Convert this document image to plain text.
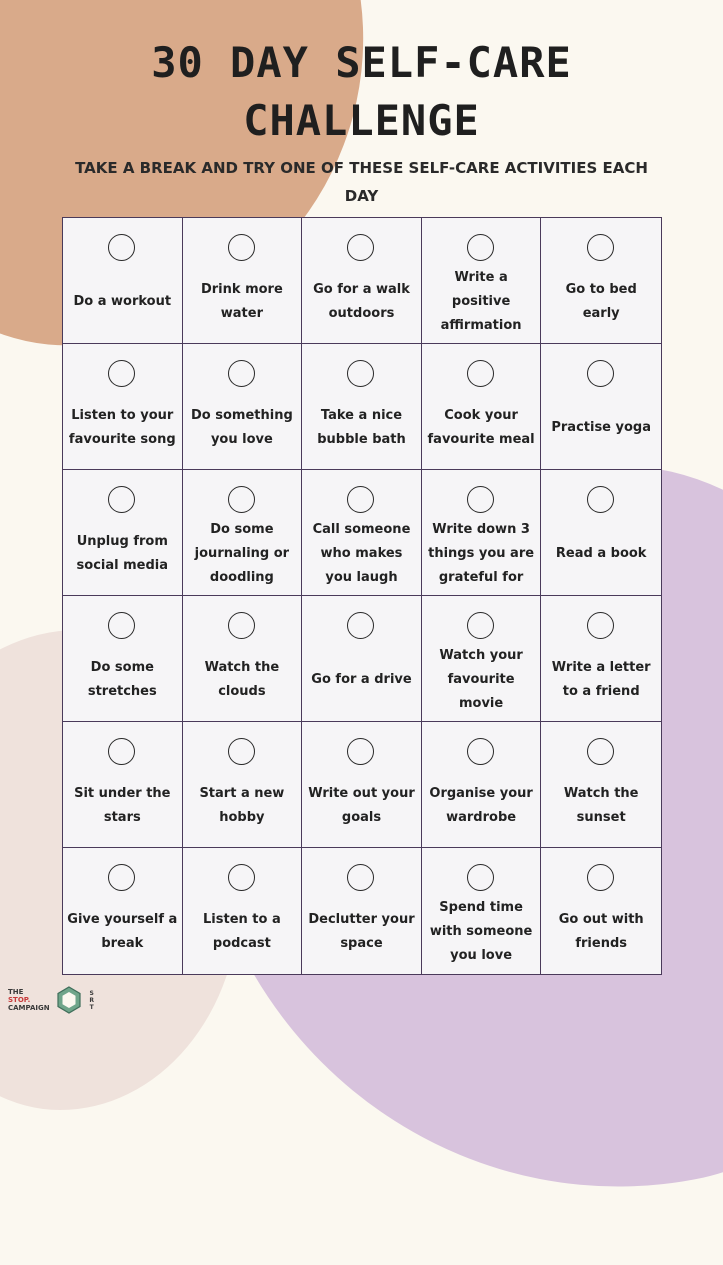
30 DAY SELF-CARE
CHALLENGE
TAKE A BREAK AND TRY ONE OF THESE SELF-CARE ACTIVITIES EACH DAY
Do a workout
Drink more water
Go for a walk outdoors
Write a positive affirmation
Go to bed early
Listen to your favourite song
Do something you love
Take a nice bubble bath
Cook your favourite meal
Practise yoga
Unplug from social media
Do some journaling or doodling
Call someone who makes you laugh
Write down 3 things you are grateful for
Read a book
Do some stretches
Watch the clouds
Go for a drive
Watch your favourite movie
Write a letter to a friend
Sit under the stars
Start a new hobby
Write out your goals
Organise your wardrobe
Watch the sunset
Give yourself a break
Listen to a podcast
Declutter your space
Spend time with someone you love
Go out with friends
THE
STOP.
CAMPAIGN
S
R
T
